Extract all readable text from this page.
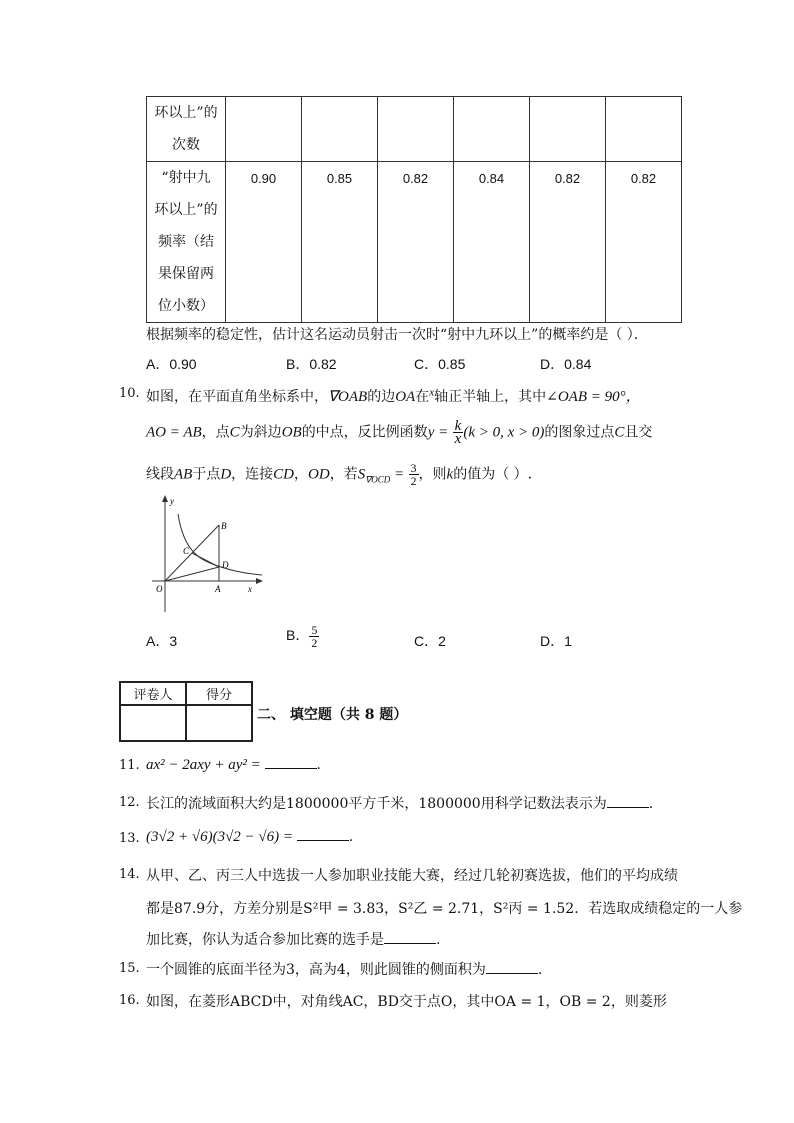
环以上”的
次数						

“射中九
环以上”的
频率（结
果保留两
位小数）	0.90	0.85	0.82	0.84	0.82	0.82
根据频率的稳定性，估计这名运动员射击一次时“射中九环以上”的概率约是（ ）．
A．0.90	B．0.82	C．0.85	D．0.84
10. 如图，在平面直角坐标系中，∇OAB的边OA在$^x$轴正半轴上，其中∠OAB = 90°，
AO = AB，点C为斜边OB的中点，反比例函数$y = \frac{k}{x} (k > 0$, x > 0)的图象过点C且交
线段AB于点D，连接CD，OD，若$S_{\nabla OCD} = \frac{3}{2}$ ，则k的值为（ ）.
y
x
O	A
B
C
D
A．3	B． $\frac{5}{2}$	C．2	D．1
评卷人	得分

二、 填空题（共 8 题）
11. ax² − 2axy + ay² =	.
12. 长江的流域面积大约是1800000平方千米，1800000用科学记数法表示为	.
13. (3√2 + √6)(3√2 − √6) =	.
14. 从甲、乙、丙三人中选拔一人参加职业技能大赛，经过几轮初赛选拔，他们的平均成绩
都是87.9分，方差分别是S²甲 = 3.83，S²乙 = 2.71，S²丙 = 1.52．若选取成绩稳定的一人参
加比赛，你认为适合参加比赛的选手是	.
15. 一个圆锥的底面半径为3，高为4，则此圆锥的侧面积为	.
16. 如图，在菱形ABCD中，对角线AC，BD交于点O，其中OA = 1，OB = 2，则菱形
